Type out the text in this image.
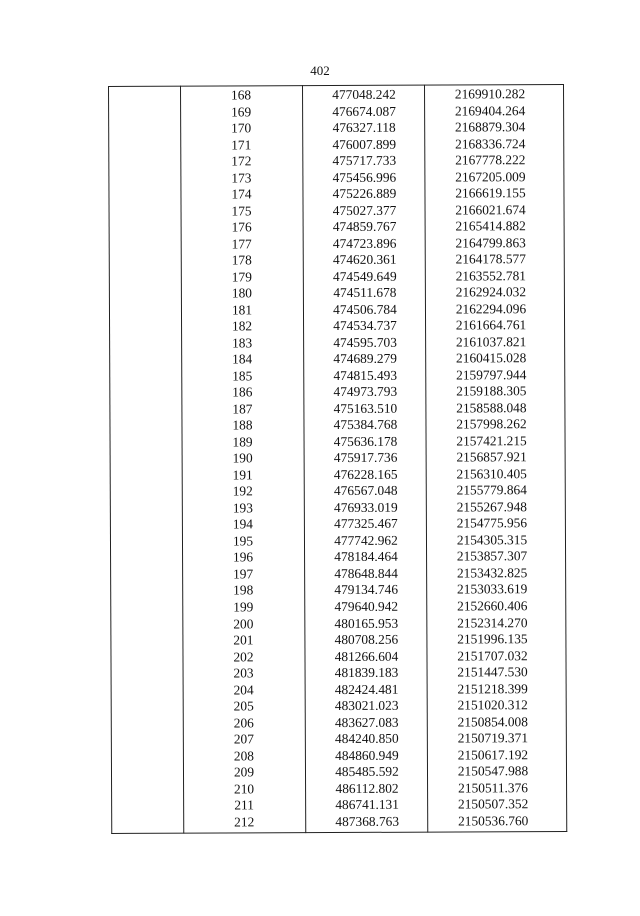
402
168	477048.242	2169910.282
169	476674.087	2169404.264
170	476327.118	2168879.304
171	476007.899	2168336.724
172	475717.733	2167778.222
173	475456.996	2167205.009
174	475226.889	2166619.155
175	475027.377	2166021.674
176	474859.767	2165414.882
177	474723.896	2164799.863
178	474620.361	2164178.577
179	474549.649	2163552.781
180	474511.678	2162924.032
181	474506.784	2162294.096
182	474534.737	2161664.761
183	474595.703	2161037.821
184	474689.279	2160415.028
185	474815.493	2159797.944
186	474973.793	2159188.305
187	475163.510	2158588.048
188	475384.768	2157998.262
189	475636.178	2157421.215
190	475917.736	2156857.921
191	476228.165	2156310.405
192	476567.048	2155779.864
193	476933.019	2155267.948
194	477325.467	2154775.956
195	477742.962	2154305.315
196	478184.464	2153857.307
197	478648.844	2153432.825
198	479134.746	2153033.619
199	479640.942	2152660.406
200	480165.953	2152314.270
201	480708.256	2151996.135
202	481266.604	2151707.032
203	481839.183	2151447.530
204	482424.481	2151218.399
205	483021.023	2151020.312
206	483627.083	2150854.008
207	484240.850	2150719.371
208	484860.949	2150617.192
209	485485.592	2150547.988
210	486112.802	2150511.376
211	486741.131	2150507.352
212	487368.763	2150536.760
